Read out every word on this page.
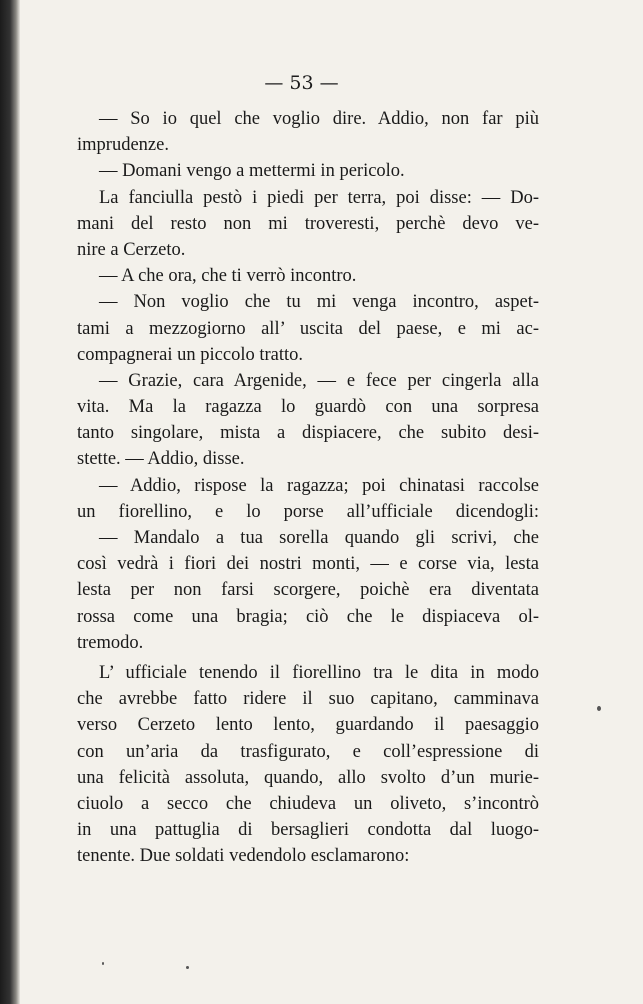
— 53 —
— So io quel che voglio dire. Addio, non far più
imprudenze.
— Domani vengo a mettermi in pericolo.
La fanciulla pestò i piedi per terra, poi disse: — Do-
mani del resto non mi troveresti, perchè devo ve-
nire a Cerzeto.
— A che ora, che ti verrò incontro.
— Non voglio che tu mi venga incontro, aspet-
tami a mezzogiorno all’ uscita del paese, e mi ac-
compagnerai un piccolo tratto.
— Grazie, cara Argenide, — e fece per cingerla alla
vita. Ma la ragazza lo guardò con una sorpresa
tanto singolare, mista a dispiacere, che subito desi-
stette. — Addio, disse.
— Addio, rispose la ragazza; poi chinatasi raccolse
un fiorellino, e lo porse all’ufficiale dicendogli:
— Mandalo a tua sorella quando gli scrivi, che
così vedrà i fiori dei nostri monti, — e corse via, lesta
lesta per non farsi scorgere, poichè era diventata
rossa come una bragia; ciò che le dispiaceva ol-
tremodo.
L’ ufficiale tenendo il fiorellino tra le dita in modo
che avrebbe fatto ridere il suo capitano, camminava
verso Cerzeto lento lento, guardando il paesaggio
con un’aria da trasfigurato, e coll’espressione di
una felicità assoluta, quando, allo svolto d’un murie-
ciuolo a secco che chiudeva un oliveto, s’incontrò
in una pattuglia di bersaglieri condotta dal luogo-
tenente. Due soldati vedendolo esclamarono:
